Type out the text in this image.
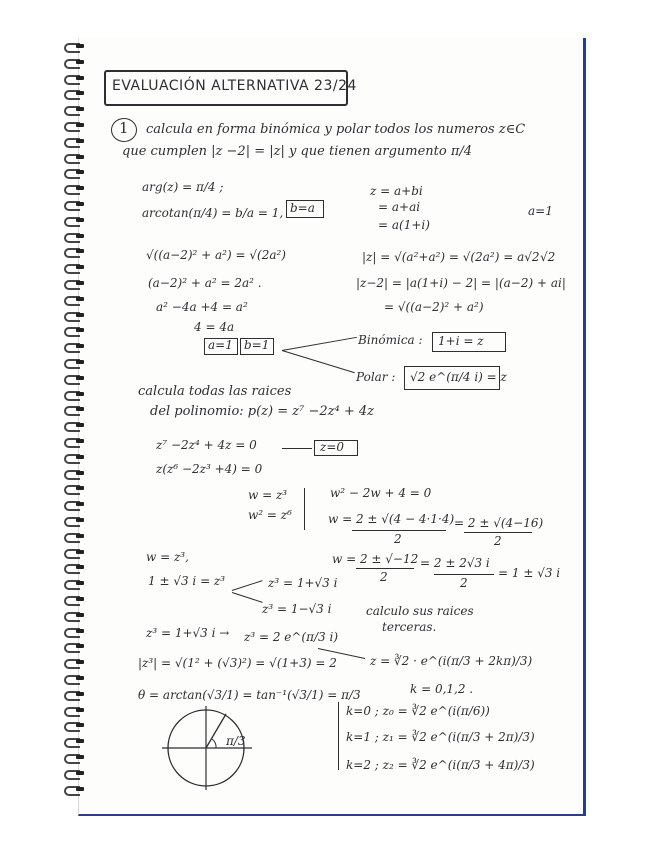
EVALUACIÓN ALTERNATIVA 23/24
1 calcula en forma binómica y polar todos los numeros z∈C
que cumplen |z −2| = |z| y que tienen argumento π/4
arg(z) = π/4 ;
arcotan(π/4) = b/a = 1, b=a
√((a−2)² + a²) = √(2a²)
(a−2)² + a² = 2a² .
a² −4a +4 = a²
4 = 4a
a=1 b=1
z = a+bi
= a+ai
= a(1+i)
a=1
|z| = √(a²+a²) = √(2a²) = a√2 √2
|z−2| = |a(1+i) − 2| = |(a−2) + ai|
= √((a−2)² + a²)
Binómica : 1+i = z
Polar : √2 e^(π/4 i) = z
calcula todas las raices
del polinomio: p(z) = z⁷ −2z⁴ + 4z
z⁷ −2z⁴ + 4z = 0
z(z⁶ −2z³ +4) = 0
z=0
w = z³
w² = z⁶
w² − 2w + 4 = 0
w = 2 ± √(4 − 4·1·4)
2
= 2 ± √(4−16)
2
w = 2 ± √−12
2
= 2 ± 2√3 i
2
= 1 ± √3 i
w = z³,
1 ± √3 i = z³	z³ = 1+√3 i
z³ = 1−√3 i	calculo sus raices
terceras.
z³ = 1+√3 i → z³ = 2 e^(π/3 i)
|z³| = √(1² + (√3)²) = √(1+3) = 2
θ = arctan(√3/1) = tan⁻¹(√3/1) = π/3
z = ∛2 · e^(i(π/3 + 2kπ)/3)
k = 0,1,2 .
k=0 ; z₀ = ∛2 e^(i(π/6))
k=1 ; z₁ = ∛2 e^(i(π/3 + 2π)/3)
k=2 ; z₂ = ∛2 e^(i(π/3 + 4π)/3)
π/3
